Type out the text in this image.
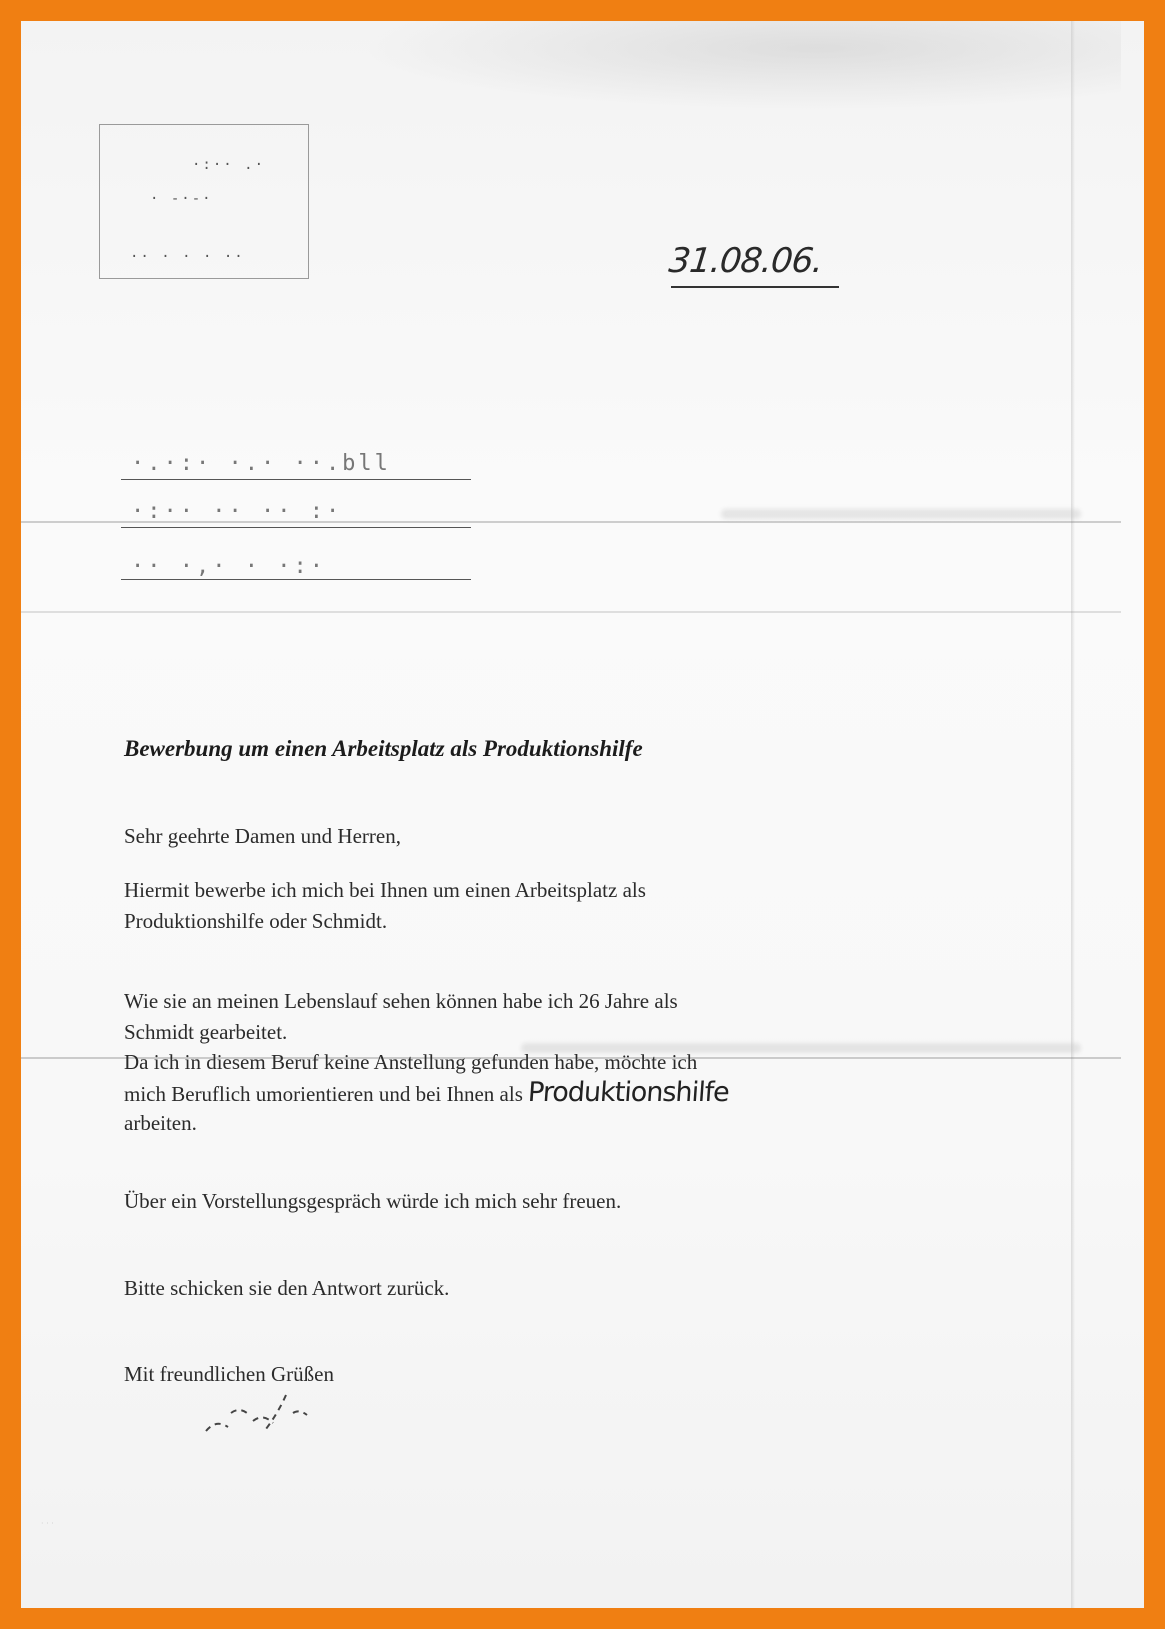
·:·· .·
· -·-·
·· · · · ··	31.08.06.
·.·:· ·.· ··.bll
·:·· ·· ·· :·
·· ·,· · ·:·

Bewerbung um einen Arbeitsplatz als Produktionshilfe

Sehr geehrte Damen und Herren,

Hiermit bewerbe ich mich bei Ihnen um einen Arbeitsplatz als

Produktionshilfe oder Schmidt.

Wie sie an meinen Lebenslauf sehen können habe ich 26 Jahre als

Schmidt gearbeitet.

Da ich in diesem Beruf keine Anstellung gefunden habe, möchte ich

mich Beruflich umorientieren und bei Ihnen als Produktionshilfe

arbeiten.

Über ein Vorstellungsgespräch würde ich mich sehr freuen.

Bitte schicken sie den Antwort zurück.

Mit freundlichen Grüßen

· · ·
